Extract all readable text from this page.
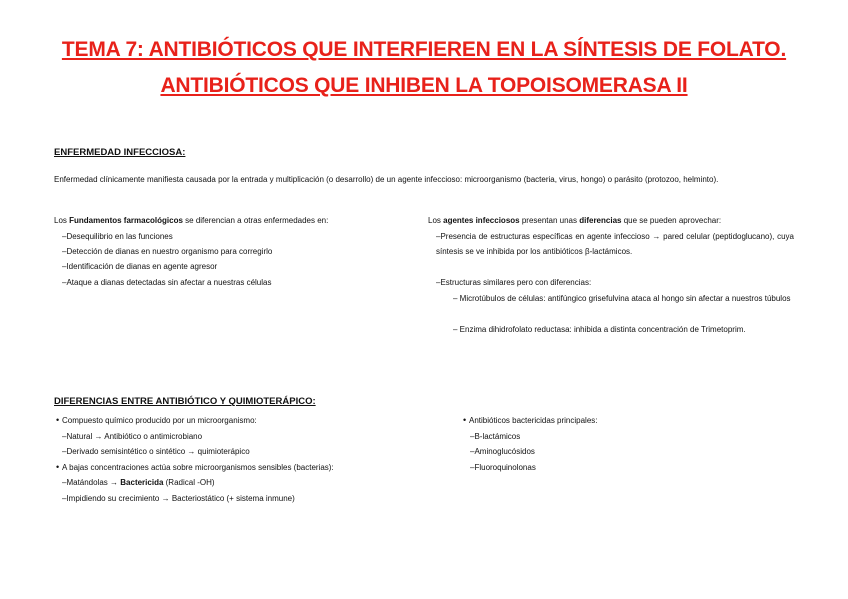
TEMA 7: ANTIBIÓTICOS QUE INTERFIEREN EN LA SÍNTESIS DE FOLATO.
ANTIBIÓTICOS QUE INHIBEN LA TOPOISOMERASA II
ENFERMEDAD INFECCIOSA:
Enfermedad clínicamente manifiesta causada por la entrada y multiplicación (o desarrollo) de un agente infeccioso: microorganismo (bacteria, virus, hongo) o parásito (protozoo, helminto).
Los Fundamentos farmacológicos se diferencian a otras enfermedades en:
–Desequilibrio en las funciones
–Detección de dianas en nuestro organismo para corregirlo
–Identificación de dianas en agente agresor
–Ataque a dianas detectadas sin afectar a nuestras células
Los agentes infecciosos presentan unas diferencias que se pueden aprovechar:
–Presencia de estructuras específicas en agente infeccioso → pared celular (peptidoglucano), cuya síntesis se ve inhibida por los antibióticos β-lactámicos.
–Estructuras similares pero con diferencias:
– Microtúbulos de células: antifúngico grisefulvina ataca al hongo sin afectar a nuestros túbulos
– Enzima dihidrofolato reductasa: inhibida a distinta concentración de Trimetoprim.
DIFERENCIAS ENTRE ANTIBIÓTICO Y QUIMIOTERÁPICO:
• Compuesto químico producido por un microorganismo:
–Natural → Antibiótico o antimicrobiano
–Derivado semisintético o sintético → quimioterápico
• A bajas concentraciones actúa sobre microorganismos sensibles (bacterias):
–Matándolas → Bactericida (Radical -OH)
–Impidiendo su crecimiento → Bacteriostático (+ sistema inmune)
• Antibióticos bactericidas principales:
–B-lactámicos
–Aminoglucósidos
–Fluoroquinolonas
